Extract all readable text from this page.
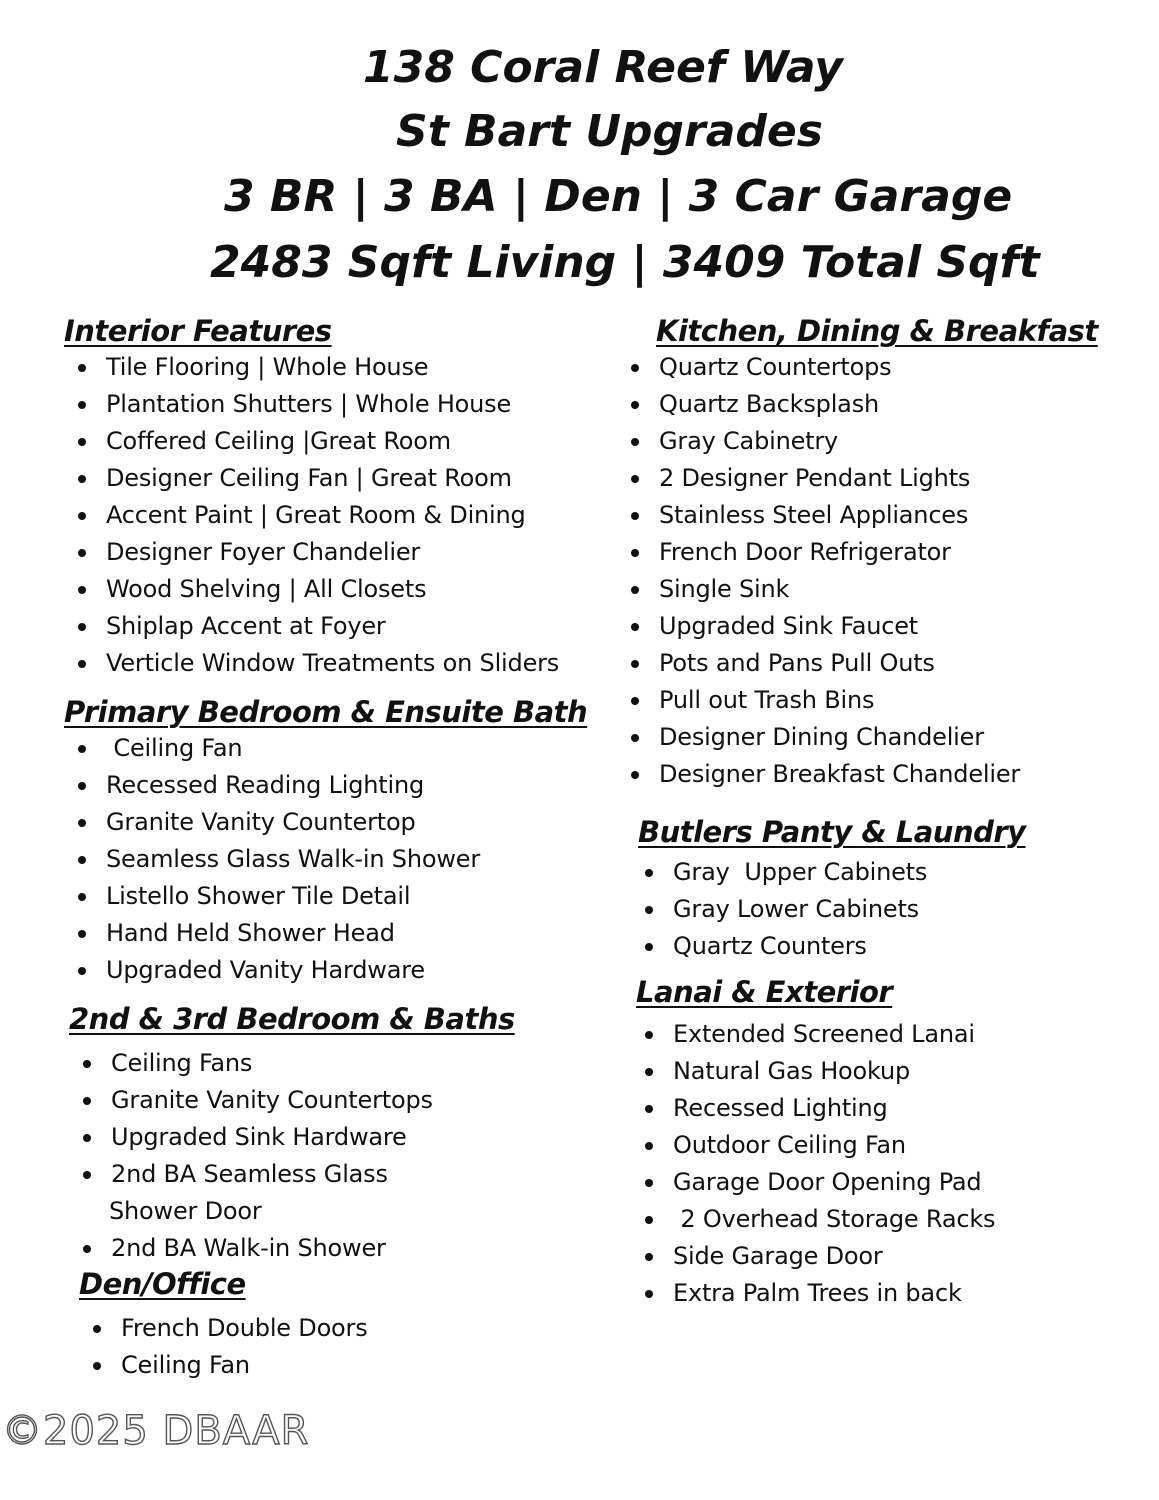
138 Coral Reef Way
St Bart Upgrades
3 BR | 3 BA | Den | 3 Car Garage
2483 Sqft Living | 3409 Total Sqft
Interior Features
Tile Flooring | Whole House
Plantation Shutters | Whole House
Coffered Ceiling |Great Room
Designer Ceiling Fan | Great Room
Accent Paint | Great Room & Dining
Designer Foyer Chandelier
Wood Shelving | All Closets
Shiplap Accent at Foyer
Verticle Window Treatments on Sliders
Primary Bedroom & Ensuite Bath
Ceiling Fan
Recessed Reading Lighting
Granite Vanity Countertop
Seamless Glass Walk-in Shower
Listello Shower Tile Detail
Hand Held Shower Head
Upgraded Vanity Hardware
2nd & 3rd Bedroom & Baths
Ceiling Fans
Granite Vanity Countertops
Upgraded Sink Hardware
2nd BA Seamless Glass
Shower Door
2nd BA Walk-in Shower
Den/Office
French Double Doors
Ceiling Fan
Kitchen, Dining & Breakfast
Quartz Countertops
Quartz Backsplash
Gray Cabinetry
2 Designer Pendant Lights
Stainless Steel Appliances
French Door Refrigerator
Single Sink
Upgraded Sink Faucet
Pots and Pans Pull Outs
Pull out Trash Bins
Designer Dining Chandelier
Designer Breakfast Chandelier
Butlers Panty & Laundry
Gray  Upper Cabinets
Gray Lower Cabinets
Quartz Counters
Lanai & Exterior
Extended Screened Lanai
Natural Gas Hookup
Recessed Lighting
Outdoor Ceiling Fan
Garage Door Opening Pad
2 Overhead Storage Racks
Side Garage Door
Extra Palm Trees in back
©2025 DBAAR
